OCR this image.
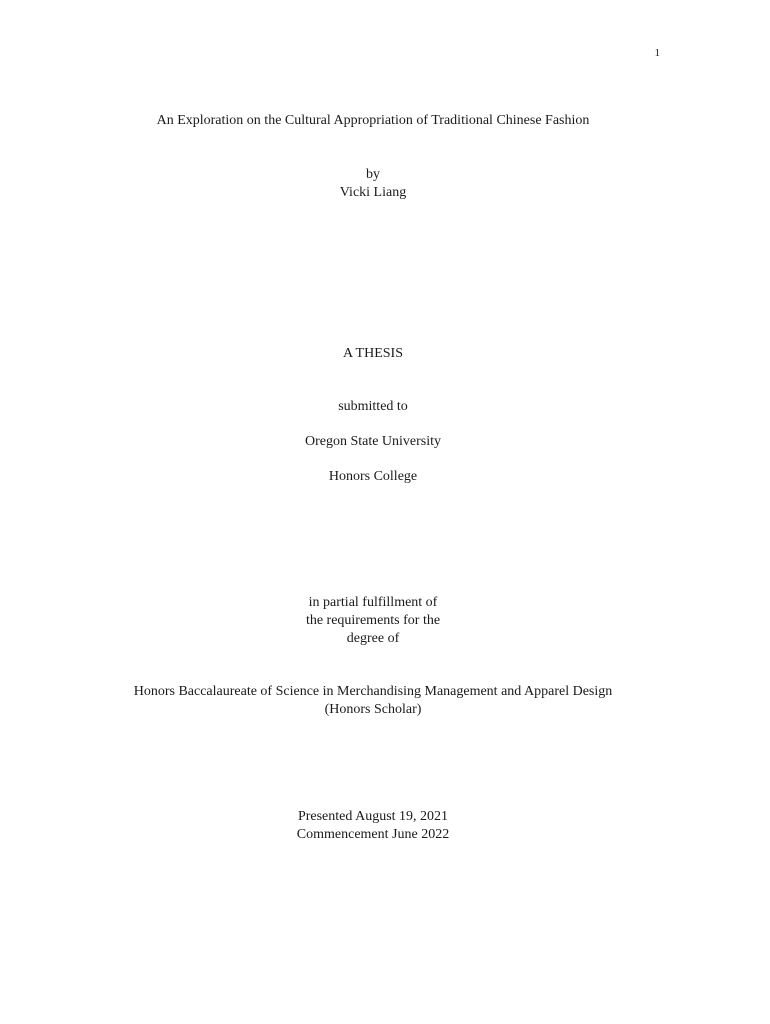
1
An Exploration on the Cultural Appropriation of Traditional Chinese Fashion
by
Vicki Liang
A THESIS
submitted to
Oregon State University
Honors College
in partial fulfillment of
the requirements for the
degree of
Honors Baccalaureate of Science in Merchandising Management and Apparel Design
(Honors Scholar)
Presented August 19, 2021
Commencement June 2022
